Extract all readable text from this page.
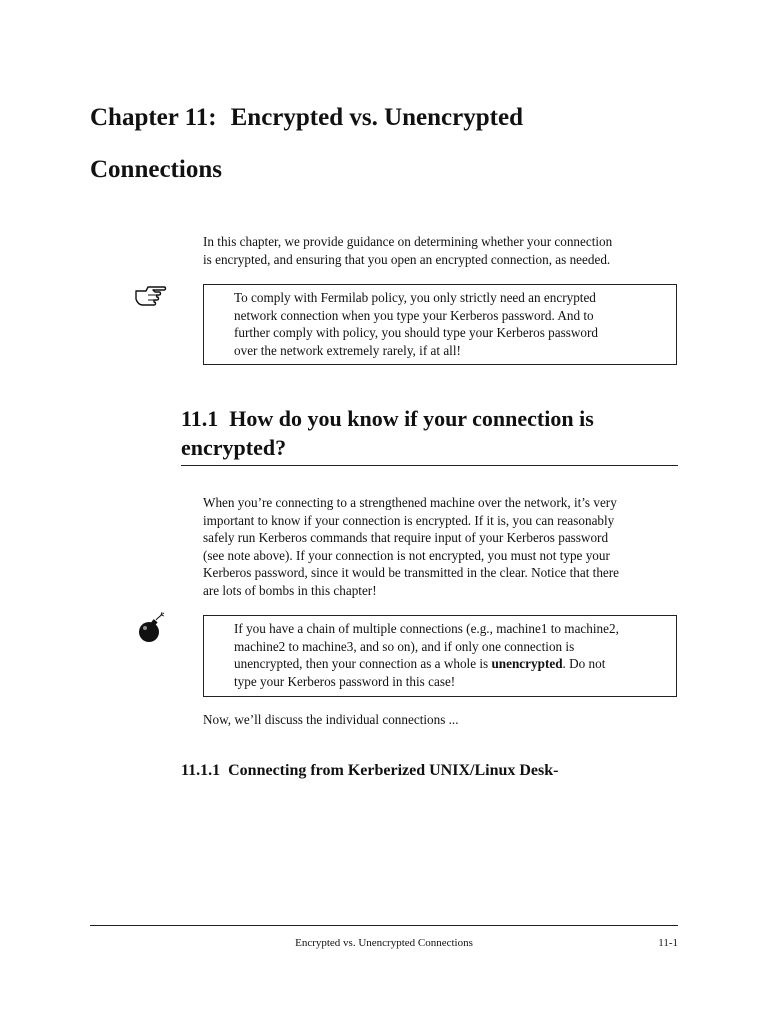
Chapter 11: Encrypted vs. Unencrypted
Connections

In this chapter, we provide guidance on determining whether your connection
is encrypted, and ensuring that you open an encrypted connection, as needed.

To comply with Fermilab policy, you only strictly need an encrypted
network connection when you type your Kerberos password. And to
further comply with policy, you should type your Kerberos password
over the network extremely rarely, if at all!

11.1 How do you know if your connection is
encrypted?

When you’re connecting to a strengthened machine over the network, it’s very
important to know if your connection is encrypted. If it is, you can reasonably
safely run Kerberos commands that require input of your Kerberos password
(see note above). If your connection is not encrypted, you must not type your
Kerberos password, since it would be transmitted in the clear. Notice that there
are lots of bombs in this chapter!

If you have a chain of multiple connections (e.g., machine1 to machine2,
machine2 to machine3, and so on), and if only one connection is
unencrypted, then your connection as a whole is unencrypted. Do not
type your Kerberos password in this case!

Now, we’ll discuss the individual connections ...

11.1.1 Connecting from Kerberized UNIX/Linux Desk-

Encrypted vs. Unencrypted Connections	11-1
